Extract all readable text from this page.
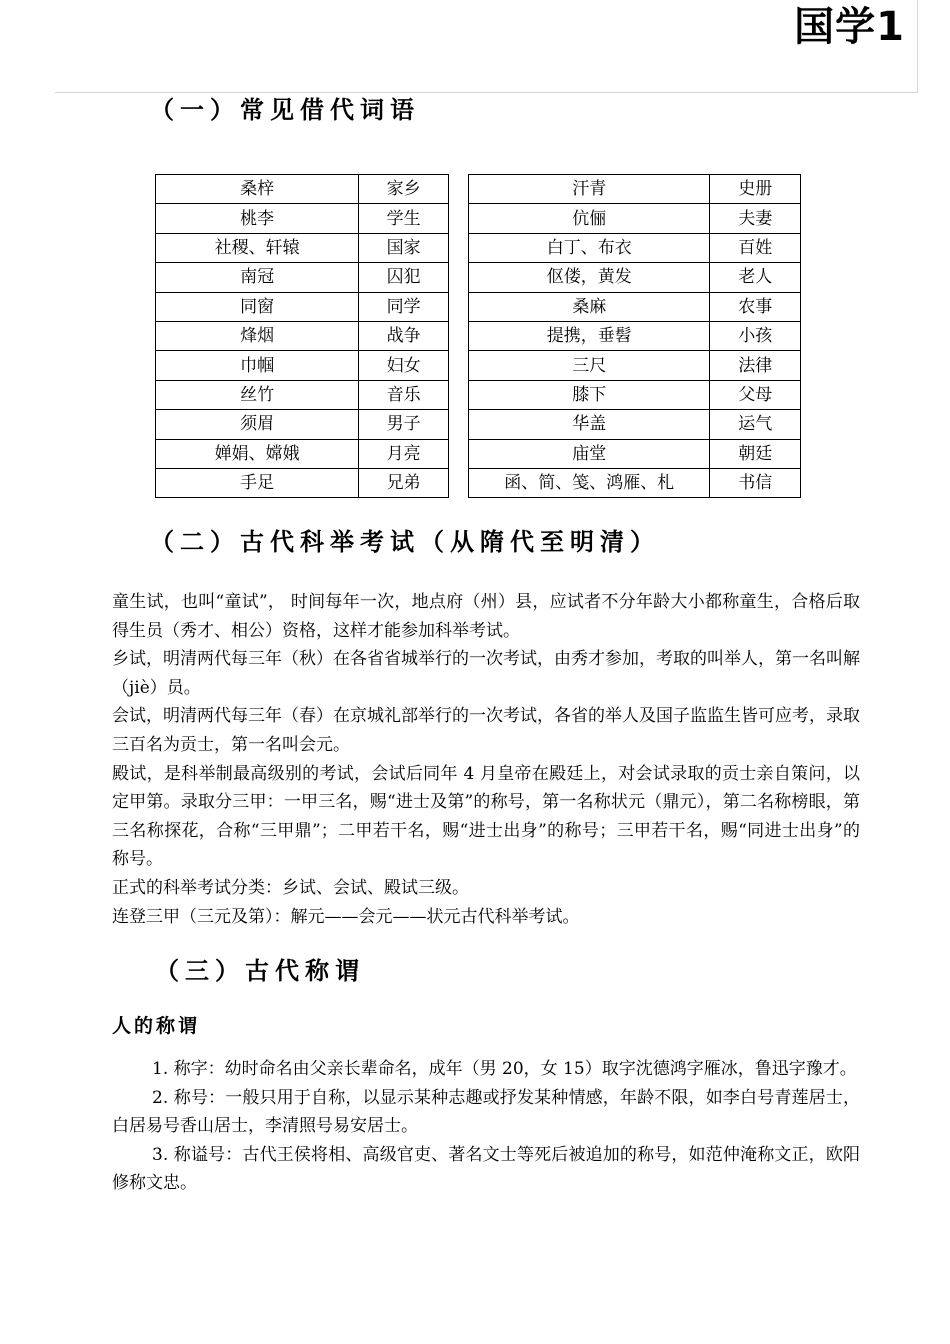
国学1
（一）常见借代词语
桑梓	家乡
桃李	学生
社稷、轩辕	国家
南冠	囚犯
同窗	同学
烽烟	战争
巾帼	妇女
丝竹	音乐
须眉	男子
婵娟、嫦娥	月亮
手足	兄弟
汗青	史册
伉俪	夫妻
白丁、布衣	百姓
伛偻，黄发	老人
桑麻	农事
提携，垂髫	小孩
三尺	法律
膝下	父母
华盖	运气
庙堂	朝廷
函、简、笺、鸿雁、札	书信
（二）古代科举考试（从隋代至明清）

童生试，也叫“童试”， 时间每年一次，地点府（州）县，应试者不分年龄大小都称童生，合格后取得生员（秀才、相公）资格，这样才能参加科举考试。

乡试，明清两代每三年（秋）在各省省城举行的一次考试，由秀才参加，考取的叫举人，第一名叫解（jiè）员。

会试，明清两代每三年（春）在京城礼部举行的一次考试，各省的举人及国子监监生皆可应考，录取三百名为贡士，第一名叫会元。

殿试，是科举制最高级别的考试，会试后同年 4 月皇帝在殿廷上，对会试录取的贡士亲自策问，以定甲第。录取分三甲：一甲三名，赐“进士及第”的称号，第一名称状元（鼎元），第二名称榜眼，第三名称探花，合称“三甲鼎”；二甲若干名，赐“进士出身”的称号；三甲若干名，赐“同进士出身”的称号。

正式的科举考试分类：乡试、会试、殿试三级。

连登三甲（三元及第）：解元——会元——状元古代科举考试。

（三）古代称谓
人的称谓

1. 称字：幼时命名由父亲长辈命名，成年（男 20，女 15）取字沈德鸿字雁冰，鲁迅字豫才。

2. 称号：一般只用于自称，以显示某种志趣或抒发某种情感，年龄不限，如李白号青莲居士，白居易号香山居士，李清照号易安居士。

3. 称谥号：古代王侯将相、高级官吏、著名文士等死后被追加的称号，如范仲淹称文正，欧阳修称文忠。
